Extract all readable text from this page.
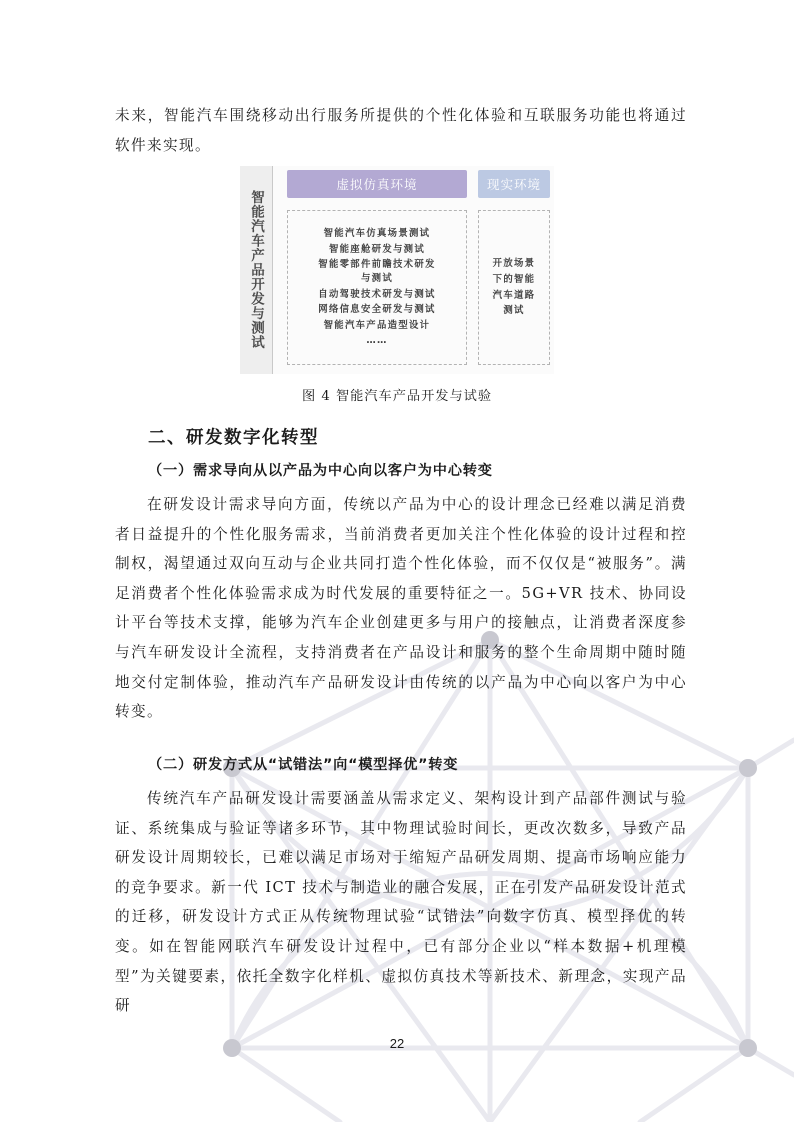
未来，智能汽车围绕移动出行服务所提供的个性化体验和互联服务功能也将通过软件来实现。

智能汽车产品开发与测试
虚拟仿真环境	现实环境
智能汽车仿真场景测试
智能座舱研发与测试
智能零部件前瞻技术研发
与测试
自动驾驶技术研发与测试
网络信息安全研发与测试
智能汽车产品造型设计
……
开放场景
下的智能
汽车道路
测试

图 4 智能汽车产品开发与试验

二、研发数字化转型
（一）需求导向从以产品为中心向以客户为中心转变

在研发设计需求导向方面，传统以产品为中心的设计理念已经难以满足消费者日益提升的个性化服务需求，当前消费者更加关注个性化体验的设计过程和控制权，渴望通过双向互动与企业共同打造个性化体验，而不仅仅是“被服务”。满足消费者个性化体验需求成为时代发展的重要特征之一。5G+VR 技术、协同设计平台等技术支撑，能够为汽车企业创建更多与用户的接触点，让消费者深度参与汽车研发设计全流程，支持消费者在产品设计和服务的整个生命周期中随时随地交付定制体验，推动汽车产品研发设计由传统的以产品为中心向以客户为中心转变。

（二）研发方式从“试错法”向“模型择优”转变

传统汽车产品研发设计需要涵盖从需求定义、架构设计到产品部件测试与验证、系统集成与验证等诸多环节，其中物理试验时间长，更改次数多，导致产品研发设计周期较长，已难以满足市场对于缩短产品研发周期、提高市场响应能力的竞争要求。新一代 ICT 技术与制造业的融合发展，正在引发产品研发设计范式的迁移，研发设计方式正从传统物理试验“试错法”向数字仿真、模型择优的转变。如在智能网联汽车研发设计过程中，已有部分企业以“样本数据+机理模型”为关键要素，依托全数字化样机、虚拟仿真技术等新技术、新理念，实现产品研

22
